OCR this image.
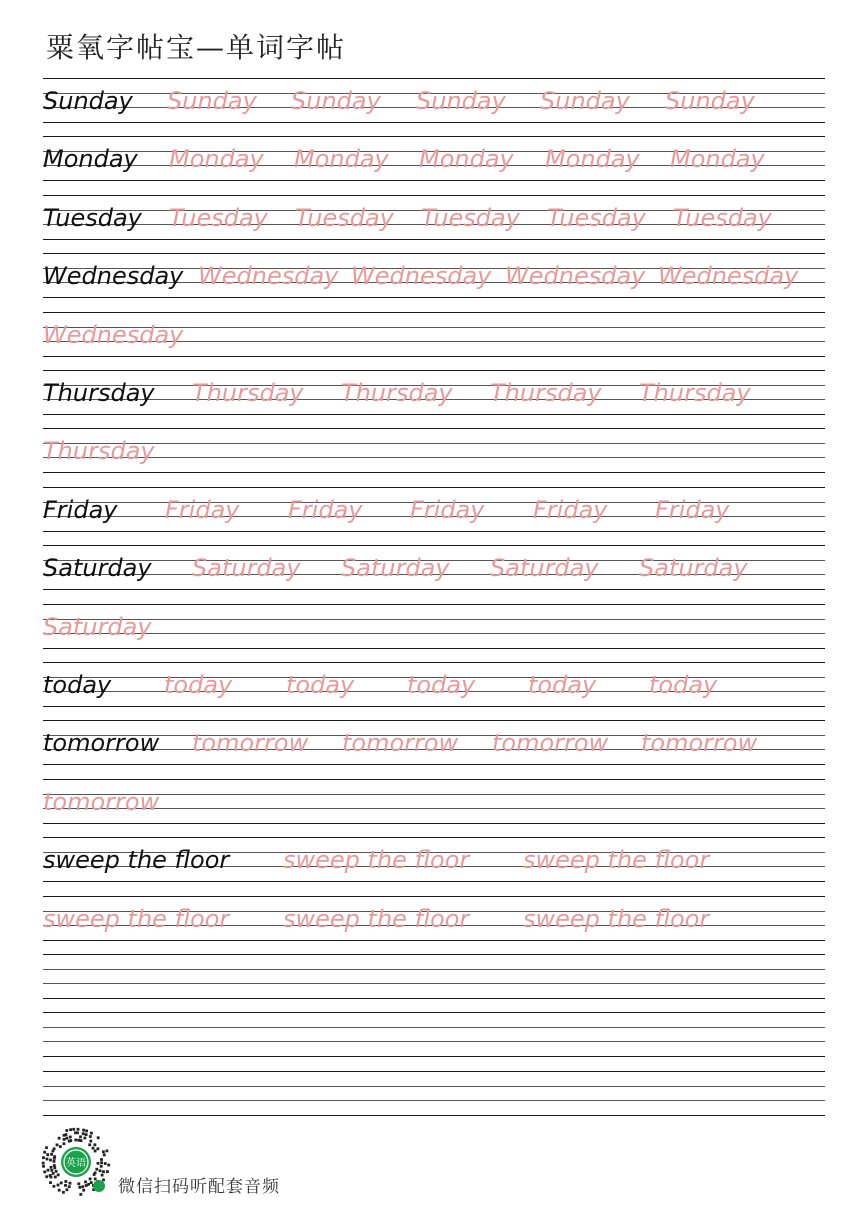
粟氧字帖宝—单词字帖
Sunday Sunday Sunday Sunday Sunday Sunday
Monday Monday Monday Monday Monday Monday
Tuesday Tuesday Tuesday Tuesday Tuesday Tuesday
Wednesday Wednesday Wednesday Wednesday Wednesday
Wednesday
Thursday Thursday Thursday Thursday Thursday
Thursday
Friday Friday Friday Friday Friday Friday
Saturday Saturday Saturday Saturday Saturday
Saturday
today today today today today today
tomorrow tomorrow tomorrow tomorrow tomorrow
tomorrow
sweep the floor sweep the floor sweep the floor
sweep the floor sweep the floor sweep the floor
英语
微信扫码听配套音频
